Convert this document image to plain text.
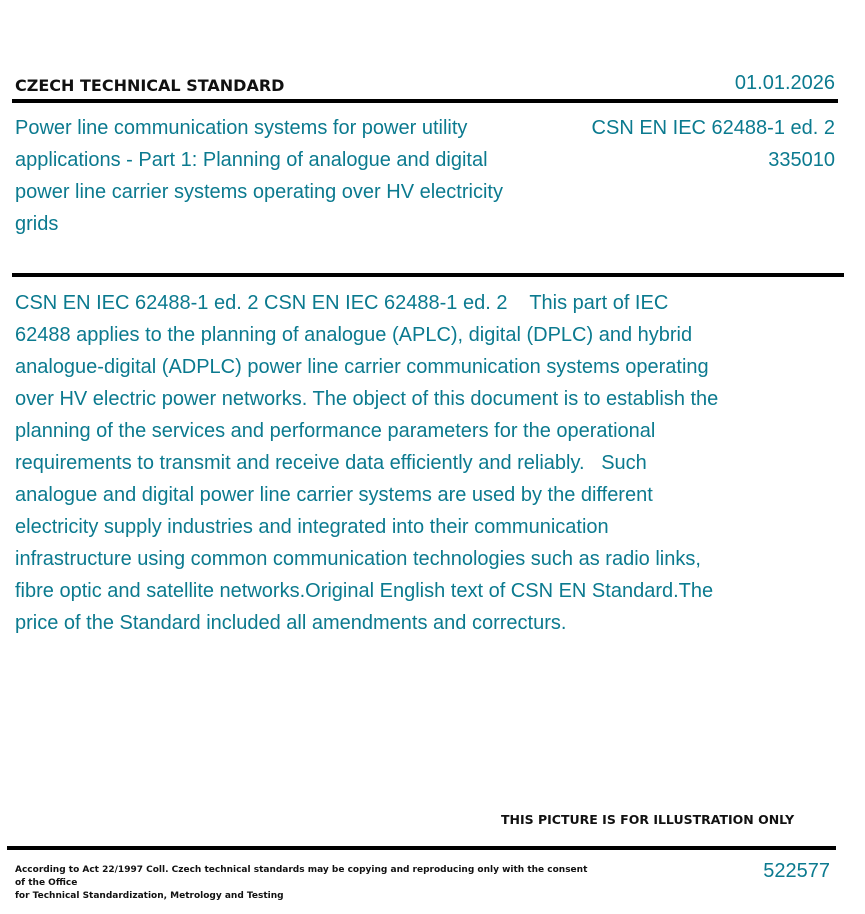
CZECH TECHNICAL STANDARD	01.01.2026

Power line communication systems for power utility applications - Part 1: Planning of analogue and digital power line carrier systems operating over HV electricity grids

CSN EN IEC 62488-1 ed. 2
335010

CSN EN IEC 62488-1 ed. 2 CSN EN IEC 62488-1 ed. 2    This part of IEC 62488 applies to the planning of analogue (APLC), digital (DPLC) and hybrid analogue-digital (ADPLC) power line carrier communication systems operating over HV electric power networks. The object of this document is to establish the planning of the services and performance parameters for the operational requirements to transmit and receive data efficiently and reliably.   Such analogue and digital power line carrier systems are used by the different electricity supply industries and integrated into their communication infrastructure using common communication technologies such as radio links, fibre optic and satellite networks.Original English text of CSN EN Standard.The price of the Standard included all amendments and correcturs.

THIS PICTURE IS FOR ILLUSTRATION ONLY
According to Act 22/1997 Coll. Czech technical standards may be copying and reproducing only with the consent of the Office
for Technical Standardization, Metrology and Testing
522577
